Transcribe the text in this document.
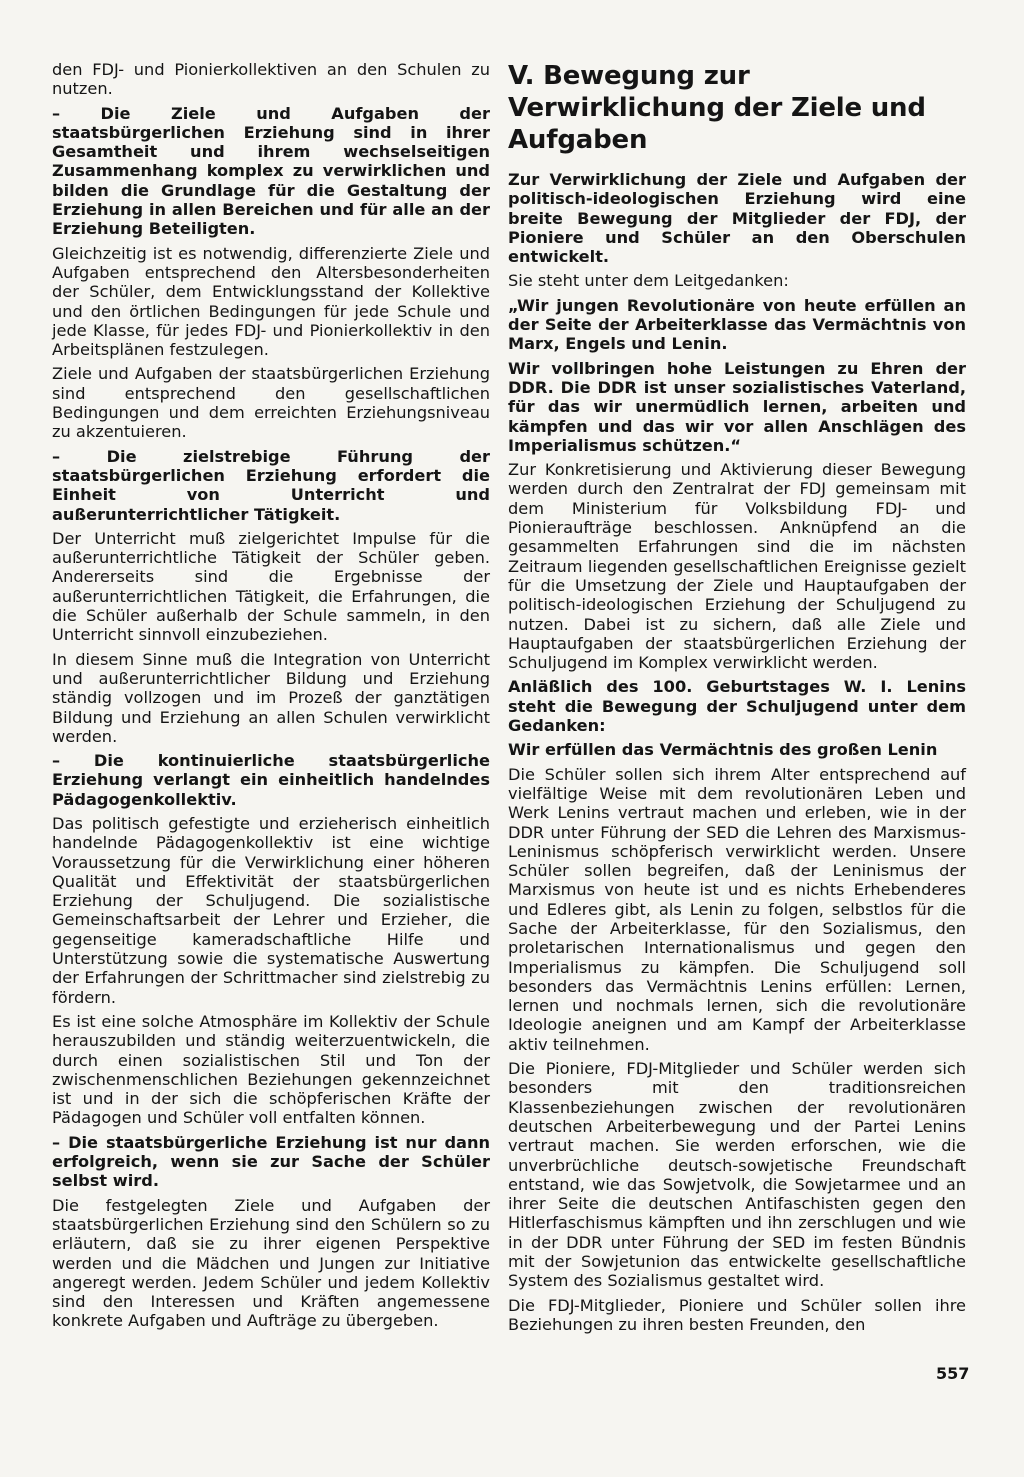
den FDJ- und Pionierkollektiven an den Schulen zu nutzen.

– Die Ziele und Aufgaben der staatsbürgerlichen Erziehung sind in ihrer Gesamtheit und ihrem wechselseitigen Zusammenhang komplex zu verwirklichen und bilden die Grundlage für die Gestaltung der Erziehung in allen Bereichen und für alle an der Erziehung Beteiligten.

Gleichzeitig ist es notwendig, differenzierte Ziele und Aufgaben entsprechend den Altersbesonderheiten der Schüler, dem Entwicklungsstand der Kollektive und den örtlichen Bedingungen für jede Schule und jede Klasse, für jedes FDJ- und Pionierkollektiv in den Arbeitsplänen festzulegen.

Ziele und Aufgaben der staatsbürgerlichen Erziehung sind entsprechend den gesellschaftlichen Bedingungen und dem erreichten Erziehungsniveau zu akzentuieren.

– Die zielstrebige Führung der staatsbürgerlichen Erziehung erfordert die Einheit von Unterricht und außerunterrichtlicher Tätigkeit.

Der Unterricht muß zielgerichtet Impulse für die außerunterrichtliche Tätigkeit der Schüler geben. Andererseits sind die Ergebnisse der außerunterrichtlichen Tätigkeit, die Erfahrungen, die die Schüler außerhalb der Schule sammeln, in den Unterricht sinnvoll einzubeziehen.

In diesem Sinne muß die Integration von Unterricht und außerunterrichtlicher Bildung und Erziehung ständig vollzogen und im Prozeß der ganztätigen Bildung und Erziehung an allen Schulen verwirklicht werden.

– Die kontinuierliche staatsbürgerliche Erziehung verlangt ein einheitlich handelndes Pädagogenkollektiv.

Das politisch gefestigte und erzieherisch einheitlich handelnde Pädagogenkollektiv ist eine wichtige Voraussetzung für die Verwirklichung einer höheren Qualität und Effektivität der staatsbürgerlichen Erziehung der Schuljugend. Die sozialistische Gemeinschaftsarbeit der Lehrer und Erzieher, die gegenseitige kameradschaftliche Hilfe und Unterstützung sowie die systematische Auswertung der Erfahrungen der Schrittmacher sind zielstrebig zu fördern.

Es ist eine solche Atmosphäre im Kollektiv der Schule herauszubilden und ständig weiterzuentwickeln, die durch einen sozialistischen Stil und Ton der zwischenmenschlichen Beziehungen gekennzeichnet ist und in der sich die schöpferischen Kräfte der Pädagogen und Schüler voll entfalten können.

– Die staatsbürgerliche Erziehung ist nur dann erfolgreich, wenn sie zur Sache der Schüler selbst wird.

Die festgelegten Ziele und Aufgaben der staatsbürgerlichen Erziehung sind den Schülern so zu erläutern, daß sie zu ihrer eigenen Perspektive werden und die Mädchen und Jungen zur Initiative angeregt werden. Jedem Schüler und jedem Kollektiv sind den Interessen und Kräften angemessene konkrete Aufgaben und Aufträge zu übergeben.

V. Bewegung zur Verwirklichung der Ziele und Aufgaben

Zur Verwirklichung der Ziele und Aufgaben der politisch-ideologischen Erziehung wird eine breite Bewegung der Mitglieder der FDJ, der Pioniere und Schüler an den Oberschulen entwickelt.

Sie steht unter dem Leitgedanken:

„Wir jungen Revolutionäre von heute erfüllen an der Seite der Arbeiterklasse das Vermächtnis von Marx, Engels und Lenin.

Wir vollbringen hohe Leistungen zu Ehren der DDR. Die DDR ist unser sozialistisches Vaterland, für das wir unermüdlich lernen, arbeiten und kämpfen und das wir vor allen Anschlägen des Imperialismus schützen.“

Zur Konkretisierung und Aktivierung dieser Bewegung werden durch den Zentralrat der FDJ gemeinsam mit dem Ministerium für Volksbildung FDJ- und Pionieraufträge beschlossen. Anknüpfend an die gesammelten Erfahrungen sind die im nächsten Zeitraum liegenden gesellschaftlichen Ereignisse gezielt für die Umsetzung der Ziele und Hauptaufgaben der politisch-ideologischen Erziehung der Schuljugend zu nutzen. Dabei ist zu sichern, daß alle Ziele und Hauptaufgaben der staatsbürgerlichen Erziehung der Schuljugend im Komplex verwirklicht werden.

Anläßlich des 100. Geburtstages W. I. Lenins steht die Bewegung der Schuljugend unter dem Gedanken:

Wir erfüllen das Vermächtnis des großen Lenin

Die Schüler sollen sich ihrem Alter entsprechend auf vielfältige Weise mit dem revolutionären Leben und Werk Lenins vertraut machen und erleben, wie in der DDR unter Führung der SED die Lehren des Marxismus-Leninismus schöpferisch verwirklicht werden. Unsere Schüler sollen begreifen, daß der Leninismus der Marxismus von heute ist und es nichts Erhebenderes und Edleres gibt, als Lenin zu folgen, selbstlos für die Sache der Arbeiterklasse, für den Sozialismus, den proletarischen Internationalismus und gegen den Imperialismus zu kämpfen. Die Schuljugend soll besonders das Vermächtnis Lenins erfüllen: Lernen, lernen und nochmals lernen, sich die revolutionäre Ideologie aneignen und am Kampf der Arbeiterklasse aktiv teilnehmen.

Die Pioniere, FDJ-Mitglieder und Schüler werden sich besonders mit den traditionsreichen Klassenbeziehungen zwischen der revolutionären deutschen Arbeiterbewegung und der Partei Lenins vertraut machen. Sie werden erforschen, wie die unverbrüchliche deutsch-sowjetische Freundschaft entstand, wie das Sowjetvolk, die Sowjetarmee und an ihrer Seite die deutschen Antifaschisten gegen den Hitlerfaschismus kämpften und ihn zerschlugen und wie in der DDR unter Führung der SED im festen Bündnis mit der Sowjetunion das entwickelte gesellschaftliche System des Sozialismus gestaltet wird.

Die FDJ-Mitglieder, Pioniere und Schüler sollen ihre Beziehungen zu ihren besten Freunden, den

557
